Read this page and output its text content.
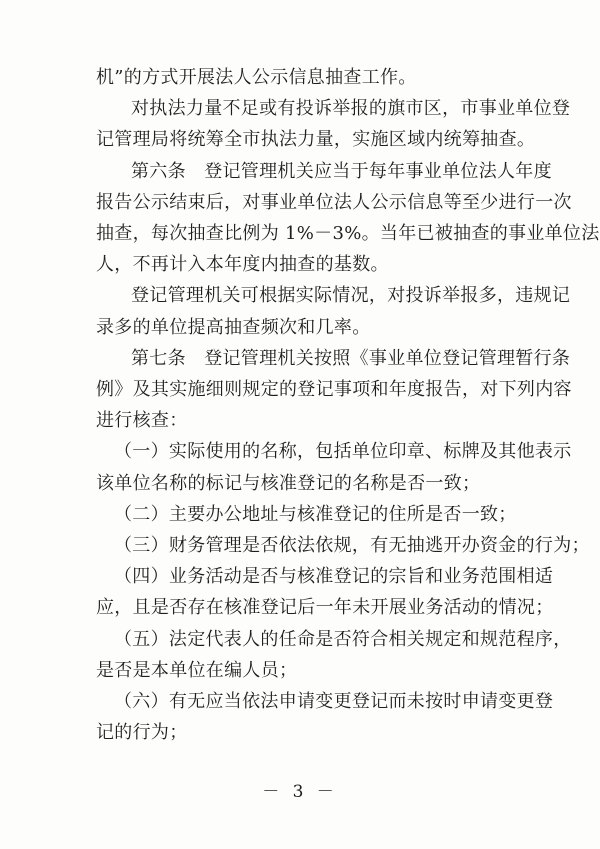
机”的方式开展法人公示信息抽查工作。
对执法力量不足或有投诉举报的旗市区，市事业单位登
记管理局将统筹全市执法力量，实施区域内统筹抽查。
第六条　登记管理机关应当于每年事业单位法人年度
报告公示结束后，对事业单位法人公示信息等至少进行一次
抽查，每次抽查比例为 1%－3%。当年已被抽查的事业单位法
人，不再计入本年度内抽查的基数。
登记管理机关可根据实际情况，对投诉举报多，违规记
录多的单位提高抽查频次和几率。
第七条　登记管理机关按照《事业单位登记管理暂行条
例》及其实施细则规定的登记事项和年度报告，对下列内容
进行核查：
（一）实际使用的名称，包括单位印章、标牌及其他表示
该单位名称的标记与核准登记的名称是否一致；
（二）主要办公地址与核准登记的住所是否一致；
（三）财务管理是否依法依规，有无抽逃开办资金的行为；
（四）业务活动是否与核准登记的宗旨和业务范围相适
应，且是否存在核准登记后一年未开展业务活动的情况；
（五）法定代表人的任命是否符合相关规定和规范程序，
是否是本单位在编人员；
（六）有无应当依法申请变更登记而未按时申请变更登
记的行为；
－ 3 －
